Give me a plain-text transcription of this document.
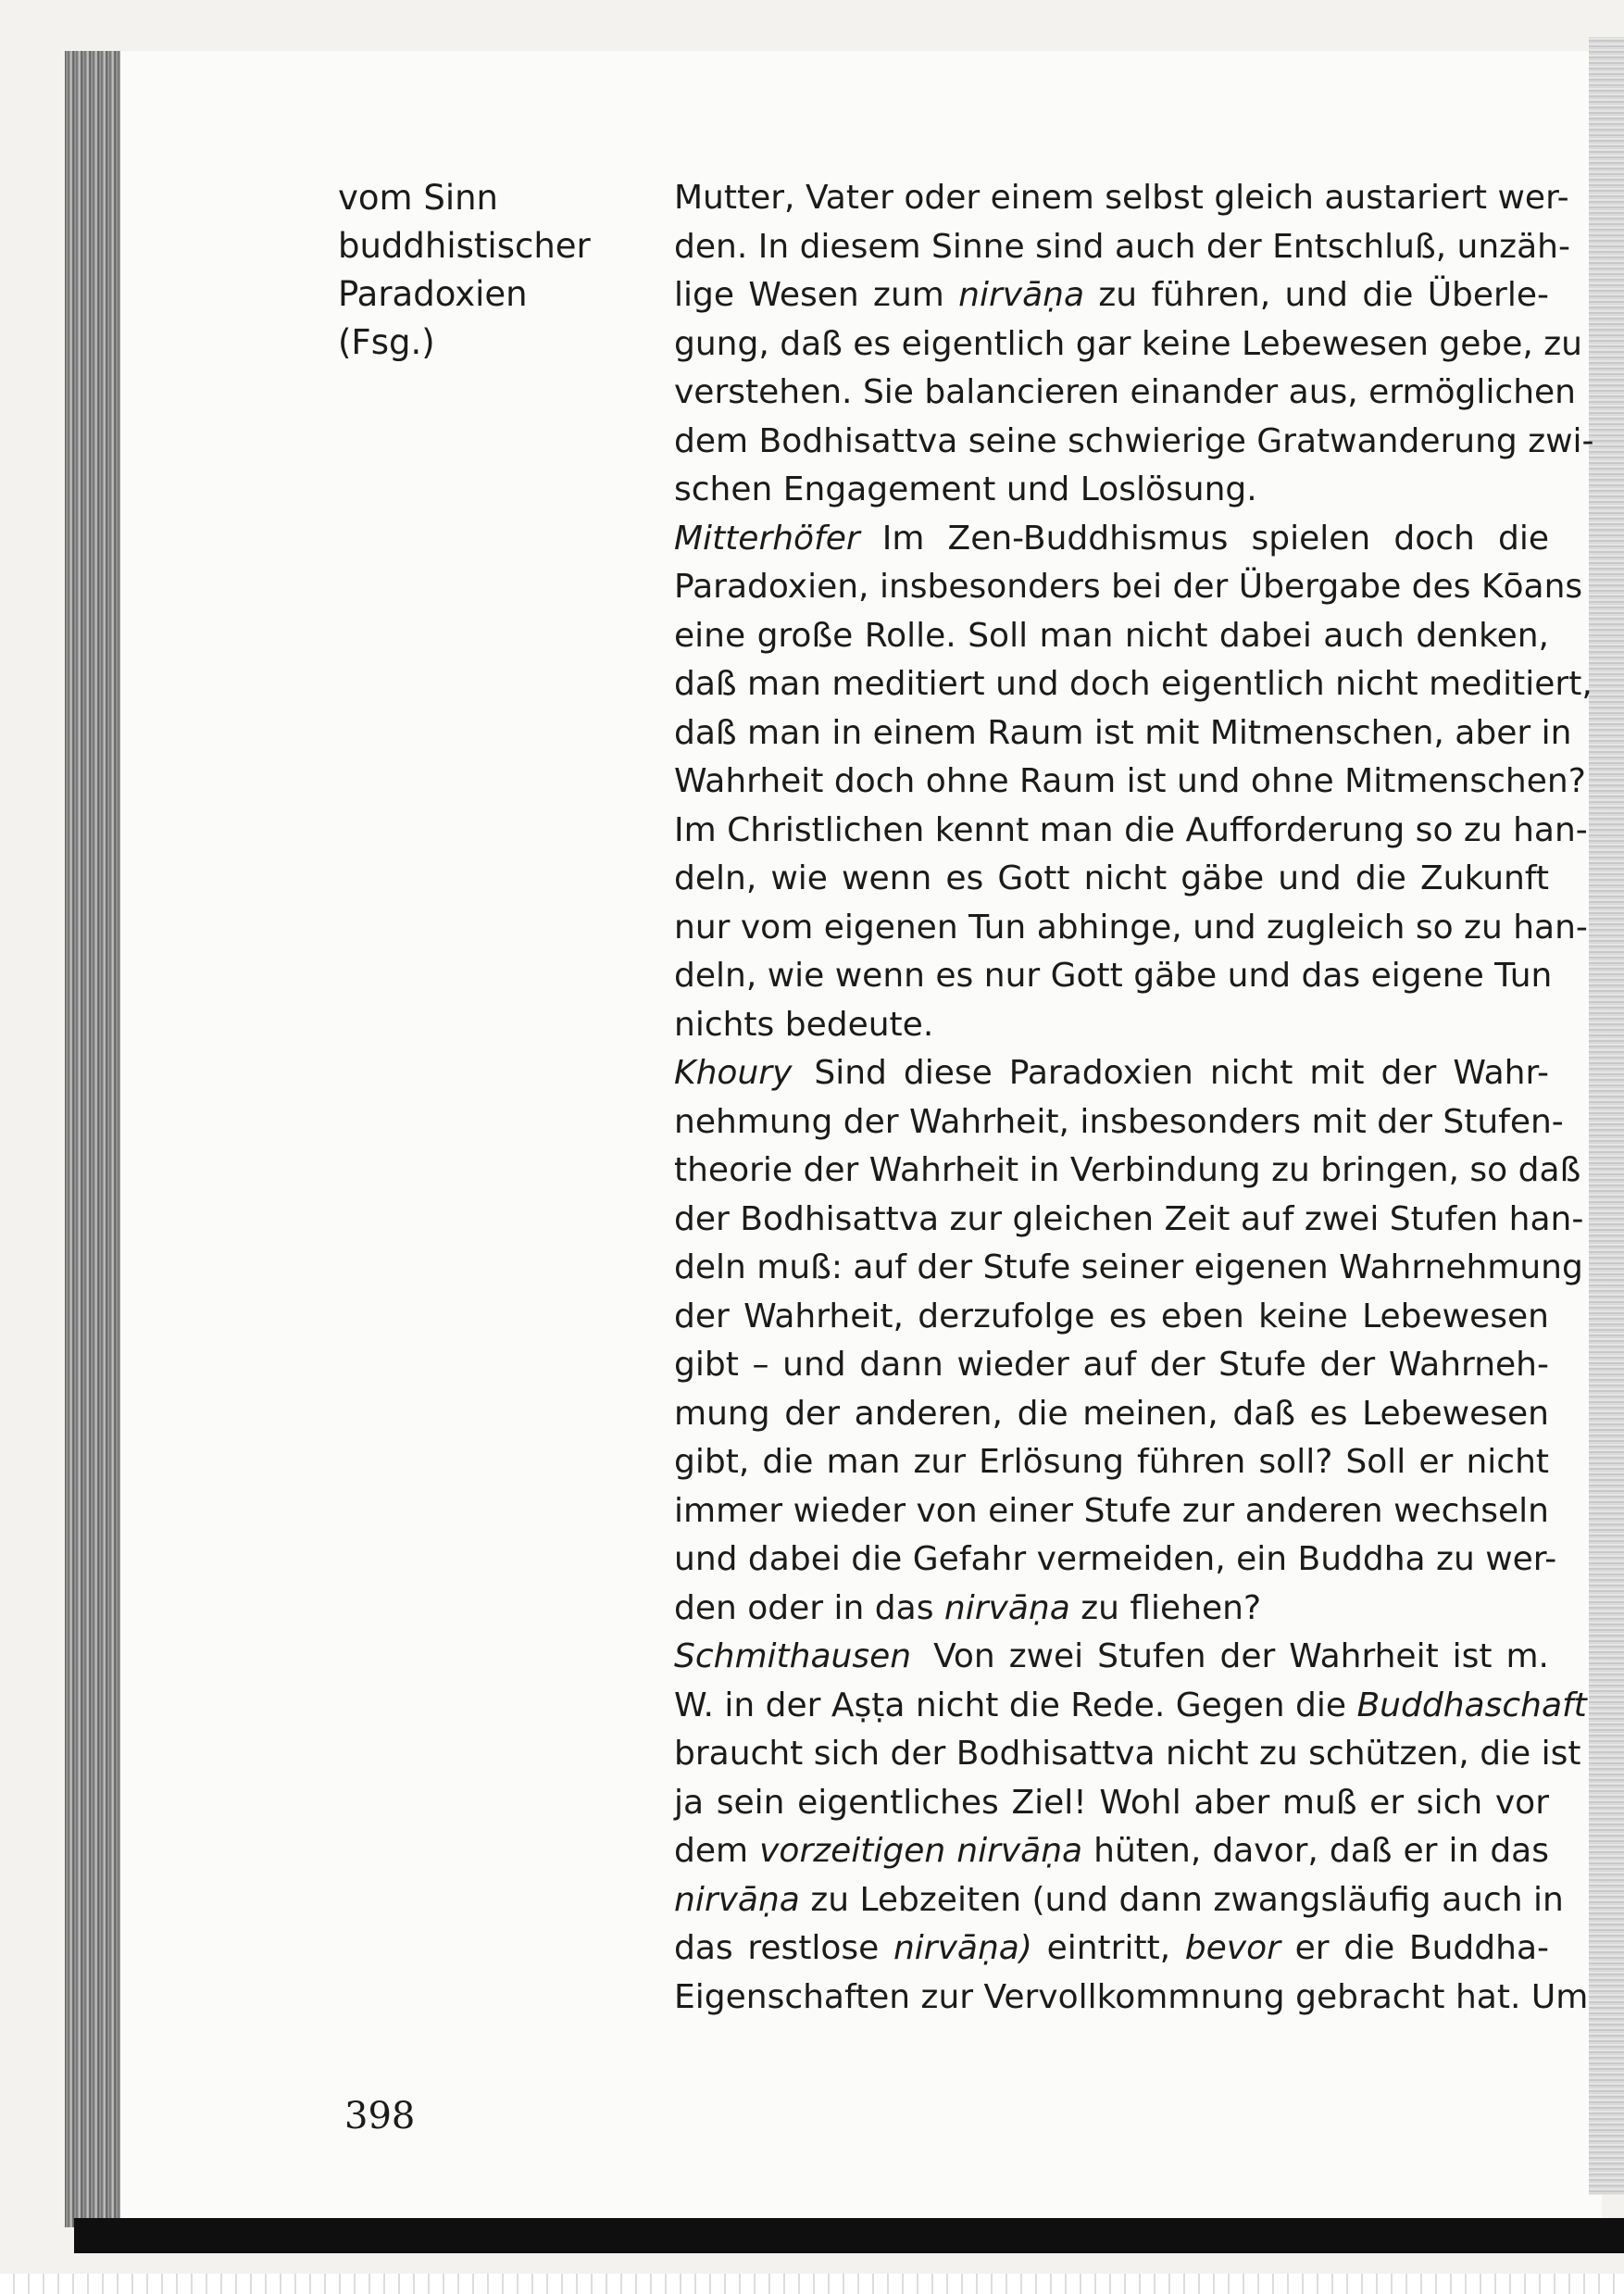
vom Sinn
buddhistischer
Paradoxien
(Fsg.)
Mutter, Vater oder einem selbst gleich austariert wer-
den. In diesem Sinne sind auch der Entschluß, unzäh-
lige Wesen zum nirvāṇa zu führen, und die Überle-
gung, daß es eigentlich gar keine Lebewesen gebe, zu
verstehen. Sie balancieren einander aus, ermöglichen
dem Bodhisattva seine schwierige Gratwanderung zwi-
schen Engagement und Loslösung.
Mitterhöfer Im Zen-Buddhismus spielen doch die
Paradoxien, insbesonders bei der Übergabe des Kōans
eine große Rolle. Soll man nicht dabei auch denken,
daß man meditiert und doch eigentlich nicht meditiert,
daß man in einem Raum ist mit Mitmenschen, aber in
Wahrheit doch ohne Raum ist und ohne Mitmenschen?
Im Christlichen kennt man die Aufforderung so zu han-
deln, wie wenn es Gott nicht gäbe und die Zukunft
nur vom eigenen Tun abhinge, und zugleich so zu han-
deln, wie wenn es nur Gott gäbe und das eigene Tun
nichts bedeute.
Khoury Sind diese Paradoxien nicht mit der Wahr-
nehmung der Wahrheit, insbesonders mit der Stufen-
theorie der Wahrheit in Verbindung zu bringen, so daß
der Bodhisattva zur gleichen Zeit auf zwei Stufen han-
deln muß: auf der Stufe seiner eigenen Wahrnehmung
der Wahrheit, derzufolge es eben keine Lebewesen
gibt – und dann wieder auf der Stufe der Wahrneh-
mung der anderen, die meinen, daß es Lebewesen
gibt, die man zur Erlösung führen soll? Soll er nicht
immer wieder von einer Stufe zur anderen wechseln
und dabei die Gefahr vermeiden, ein Buddha zu wer-
den oder in das nirvāṇa zu fliehen?
Schmithausen Von zwei Stufen der Wahrheit ist m.
W. in der Aṣṭa nicht die Rede. Gegen die Buddhaschaft
braucht sich der Bodhisattva nicht zu schützen, die ist
ja sein eigentliches Ziel! Wohl aber muß er sich vor
dem vorzeitigen nirvāṇa hüten, davor, daß er in das
nirvāṇa zu Lebzeiten (und dann zwangsläufig auch in
das restlose nirvāṇa) eintritt, bevor er die Buddha-
Eigenschaften zur Vervollkommnung gebracht hat. Um
398
